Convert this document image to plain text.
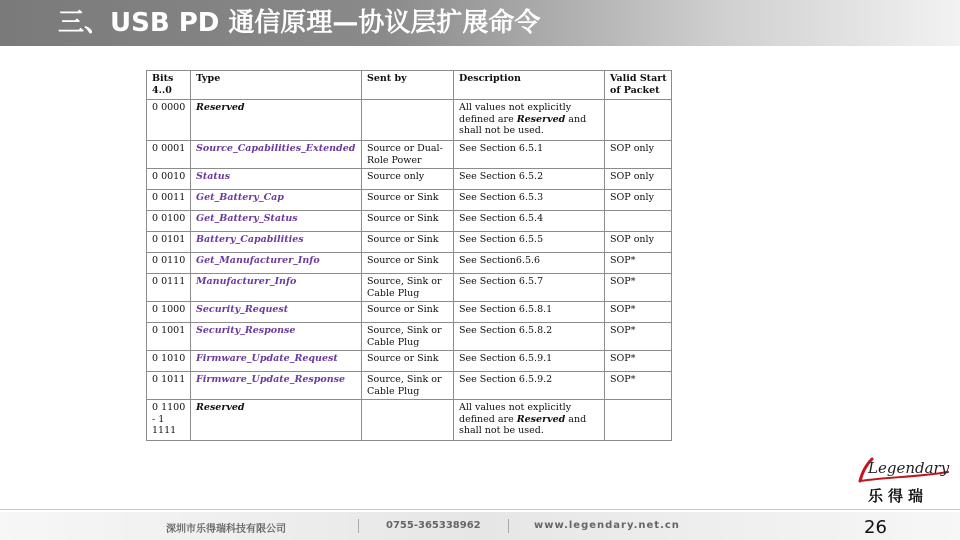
三、USB PD 通信原理—协议层扩展命令
Bits 4..0	Type	Sent by	Description	Valid Start of Packet
0 0000	Reserved		All values not explicitly defined are Reserved and shall not be used.	
0 0001	Source_Capabilities_Extended	Source or Dual-Role Power	See Section 6.5.1	SOP only
0 0010	Status	Source only	See Section 6.5.2	SOP only
0 0011	Get_Battery_Cap	Source or Sink	See Section 6.5.3	SOP only
0 0100	Get_Battery_Status	Source or Sink	See Section 6.5.4	
0 0101	Battery_Capabilities	Source or Sink	See Section 6.5.5	SOP only
0 0110	Get_Manufacturer_Info	Source or Sink	See Section6.5.6	SOP*
0 0111	Manufacturer_Info	Source, Sink or Cable Plug	See Section 6.5.7	SOP*
0 1000	Security_Request	Source or Sink	See Section 6.5.8.1	SOP*
0 1001	Security_Response	Source, Sink or Cable Plug	See Section 6.5.8.2	SOP*
0 1010	Firmware_Update_Request	Source or Sink	See Section 6.5.9.1	SOP*
0 1011	Firmware_Update_Response	Source, Sink or Cable Plug	See Section 6.5.9.2	SOP*
0 1100 - 1 1111	Reserved		All values not explicitly defined are Reserved and shall not be used.	
Legendary
乐得瑞
深圳市乐得瑞科技有限公司	0755-365338962	www.legendary.net.cn	26
